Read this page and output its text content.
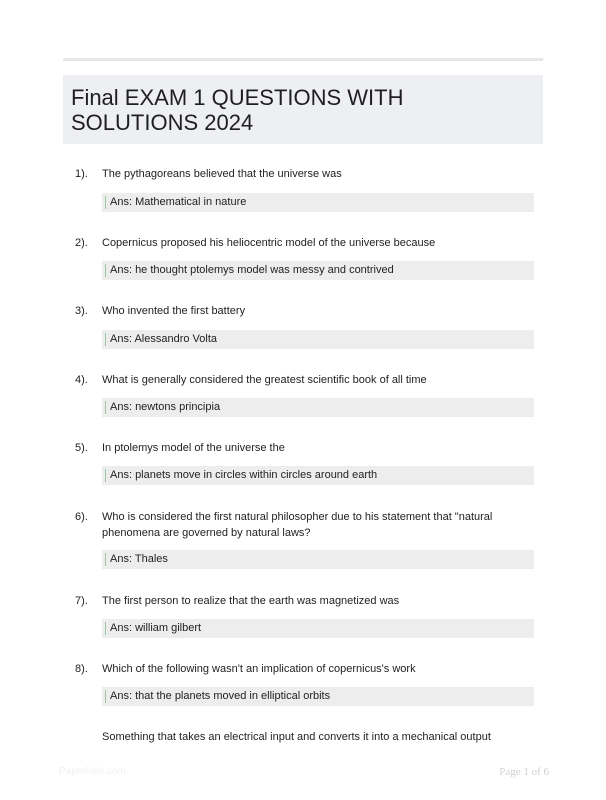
Final EXAM 1 QUESTIONS WITH SOLUTIONS 2024
1). The pythagoreans believed that the universe was
Ans: Mathematical in nature
2). Copernicus proposed his heliocentric model of the universe because
Ans: he thought ptolemys model was messy and contrived
3). Who invented the first battery
Ans: Alessandro Volta
4). What is generally considered the greatest scientific book of all time
Ans: newtons principia
5). In ptolemys model of the universe the
Ans: planets move in circles within circles around earth
6). Who is considered the first natural philosopher due to his statement that "natural phenomena are governed by natural laws?
Ans: Thales
7). The first person to realize that the earth was magnetized was
Ans: william gilbert
8). Which of the following wasn't an implication of copernicus's work
Ans: that the planets moved in elliptical orbits
Something that takes an electrical input and converts it into a mechanical output
Paperfolio.com	Page 1 of 6
